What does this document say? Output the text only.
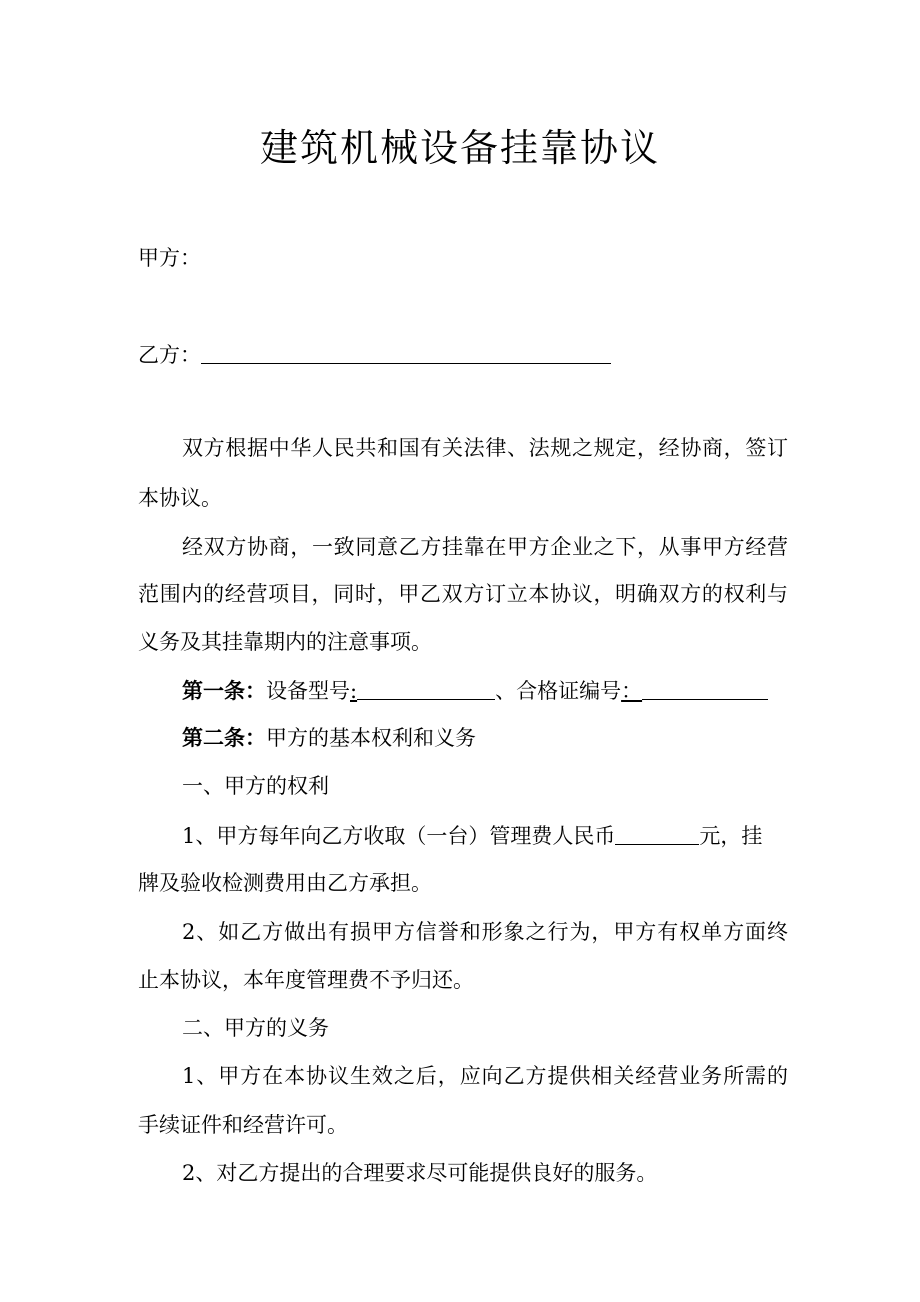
建筑机械设备挂靠协议
甲方：
乙方：
双方根据中华人民共和国有关法律、法规之规定，经协商，签订
本协议。
经双方协商，一致同意乙方挂靠在甲方企业之下，从事甲方经营
范围内的经营项目，同时，甲乙双方订立本协议，明确双方的权利与
义务及其挂靠期内的注意事项。
第一条：设备型号:	、合格证编号：
第二条：甲方的基本权利和义务
一、甲方的权利
1、甲方每年向乙方收取（一台）管理费人民币	元，挂
牌及验收检测费用由乙方承担。
2、如乙方做出有损甲方信誉和形象之行为，甲方有权单方面终
止本协议，本年度管理费不予归还。
二、甲方的义务
1、甲方在本协议生效之后，应向乙方提供相关经营业务所需的
手续证件和经营许可。
2、对乙方提出的合理要求尽可能提供良好的服务。
